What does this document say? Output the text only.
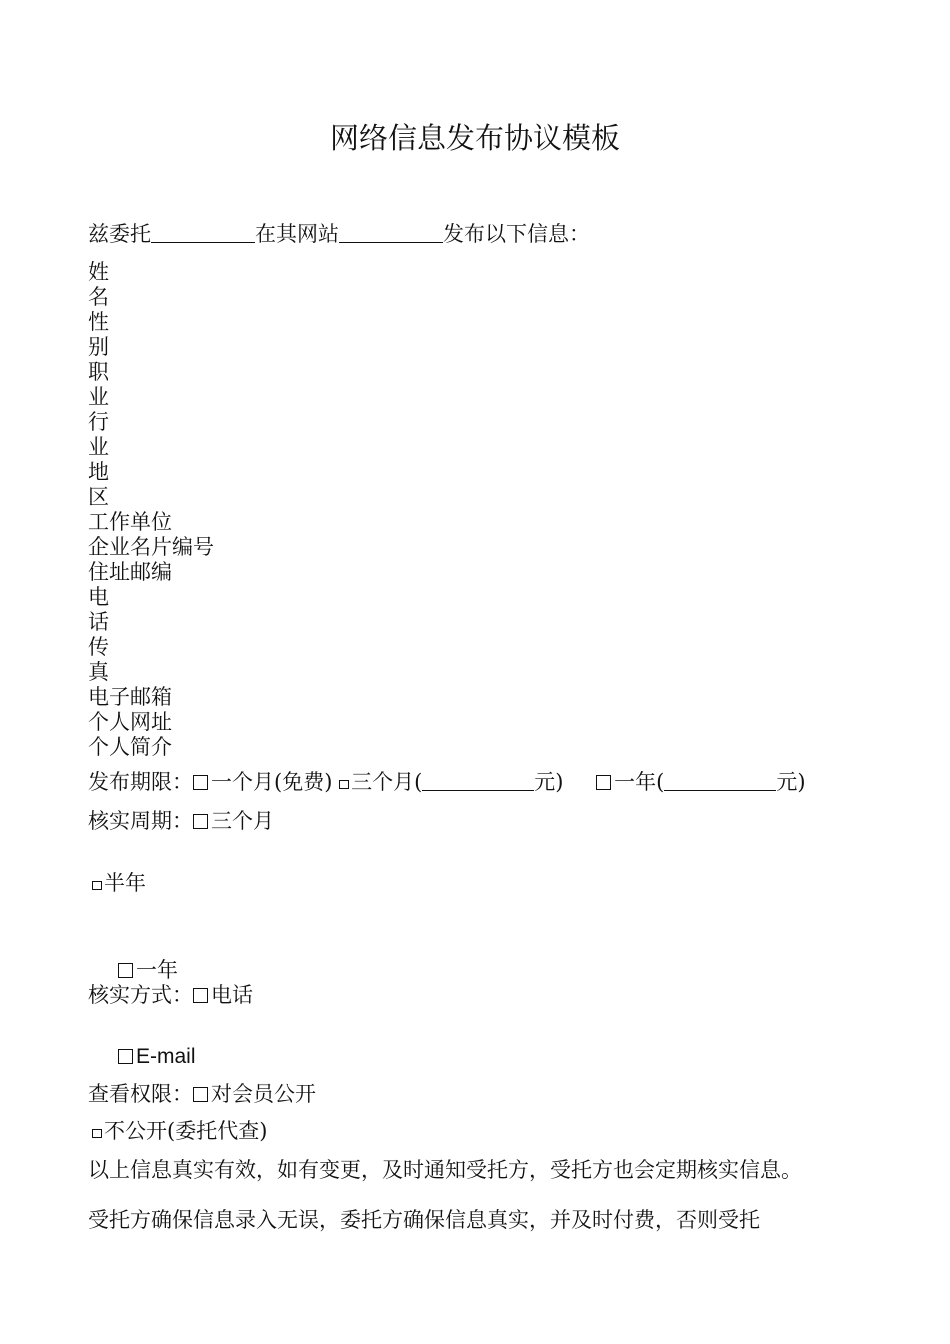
网络信息发布协议模板
兹委托	在其网站	发布以下信息：
姓
名
性
别
职
业
行
业
地
区
工作单位
企业名片编号
住址邮编
电
话
传
真
电子邮箱
个人网址
个人简介
发布期限： 一个月(免费) 三个月(	元) 一年(	元)
核实周期： 三个月
半年
一年
核实方式： 电话
E-mail
查看权限： 对会员公开
不公开(委托代查)
以上信息真实有效，如有变更，及时通知受托方，受托方也会定期核实信息。
受托方确保信息录入无误，委托方确保信息真实，并及时付费，否则受托
